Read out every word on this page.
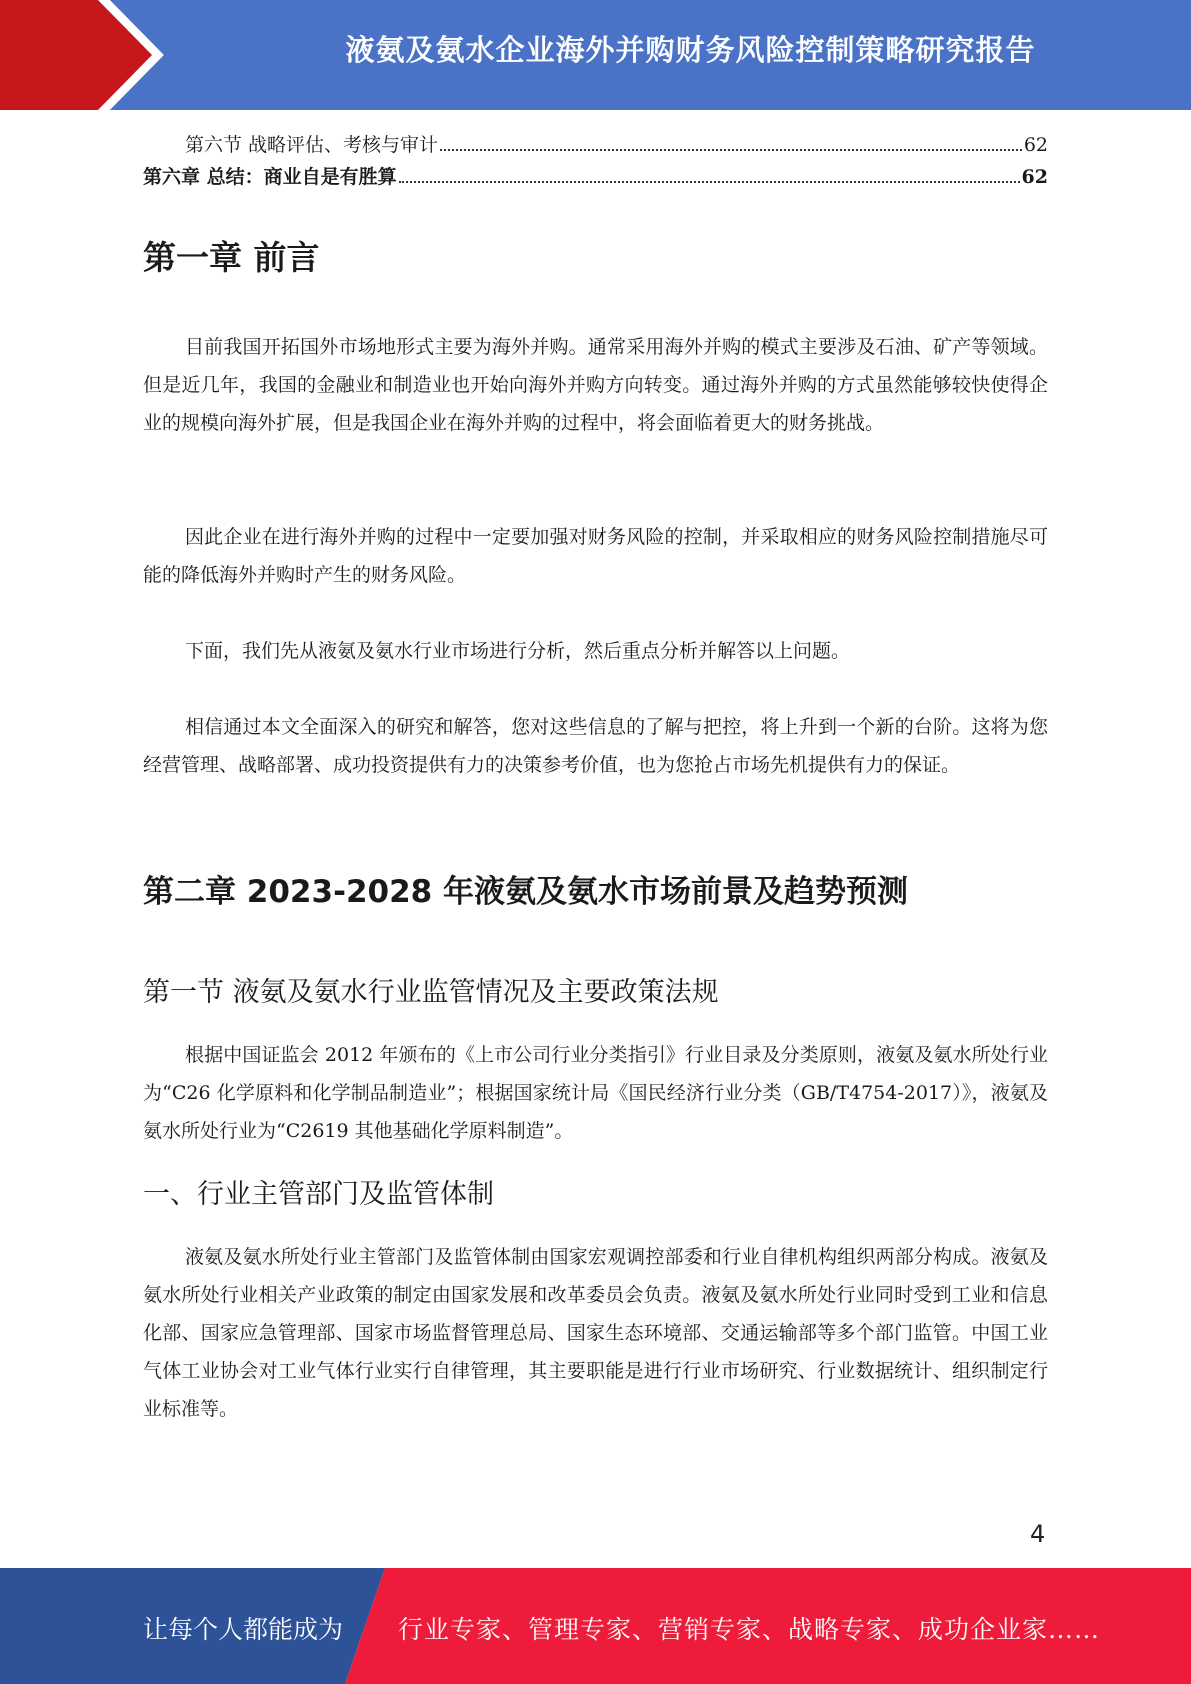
液氨及氨水企业海外并购财务风险控制策略研究报告
第六节 战略评估、考核与审计	62
第六章 总结：商业自是有胜算	62
第一章 前言

目前我国开拓国外市场地形式主要为海外并购。通常采用海外并购的模式主要涉及石油、矿产等领域。但是近几年，我国的金融业和制造业也开始向海外并购方向转变。通过海外并购的方式虽然能够较快使得企业的规模向海外扩展，但是我国企业在海外并购的过程中，将会面临着更大的财务挑战。

因此企业在进行海外并购的过程中一定要加强对财务风险的控制，并采取相应的财务风险控制措施尽可能的降低海外并购时产生的财务风险。

下面，我们先从液氨及氨水行业市场进行分析，然后重点分析并解答以上问题。

相信通过本文全面深入的研究和解答，您对这些信息的了解与把控，将上升到一个新的台阶。这将为您经营管理、战略部署、成功投资提供有力的决策参考价值，也为您抢占市场先机提供有力的保证。

第二章 2023-2028 年液氨及氨水市场前景及趋势预测
第一节 液氨及氨水行业监管情况及主要政策法规

根据中国证监会 2012 年颁布的《上市公司行业分类指引》行业目录及分类原则，液氨及氨水所处行业为“C26 化学原料和化学制品制造业”；根据国家统计局《国民经济行业分类（GB/T4754-2017）》，液氨及氨水所处行业为“C2619 其他基础化学原料制造”。

一、行业主管部门及监管体制

液氨及氨水所处行业主管部门及监管体制由国家宏观调控部委和行业自律机构组织两部分构成。液氨及氨水所处行业相关产业政策的制定由国家发展和改革委员会负责。液氨及氨水所处行业同时受到工业和信息化部、国家应急管理部、国家市场监督管理总局、国家生态环境部、交通运输部等多个部门监管。中国工业气体工业协会对工业气体行业实行自律管理，其主要职能是进行行业市场研究、行业数据统计、组织制定行业标准等。

4
让每个人都能成为 行业专家、管理专家、营销专家、战略专家、成功企业家……
